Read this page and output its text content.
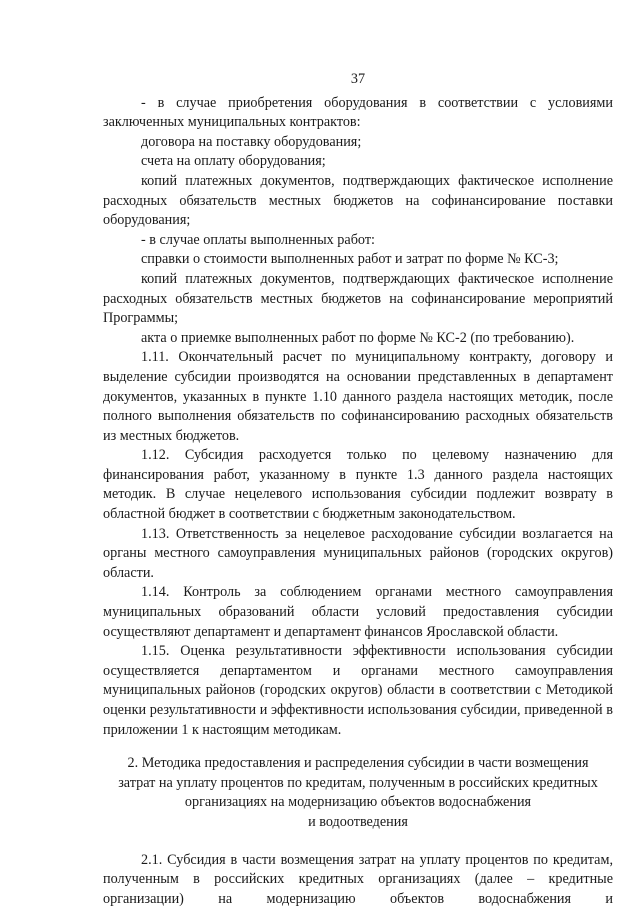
37

- в случае приобретения оборудования в соответствии с условиями заключенных муниципальных контрактов:

договора на поставку оборудования;

счета на оплату оборудования;

копий платежных документов, подтверждающих фактическое исполнение расходных обязательств местных бюджетов на софинансирование поставки оборудования;

- в случае оплаты выполненных работ:

справки о стоимости выполненных работ и затрат по форме № КС-3;

копий платежных документов, подтверждающих фактическое исполнение расходных обязательств местных бюджетов на софинансирование мероприятий Программы;

акта о приемке выполненных работ по форме № КС-2 (по требованию).

1.11. Окончательный расчет по муниципальному контракту, договору и выделение субсидии производятся на основании представленных в департамент документов, указанных в пункте 1.10 данного раздела настоящих методик, после полного выполнения обязательств по софинансированию расходных обязательств из местных бюджетов.

1.12. Субсидия расходуется только по целевому назначению для финансирования работ, указанному в пункте 1.3 данного раздела настоящих методик. В случае нецелевого использования субсидии подлежит возврату в областной бюджет в соответствии с бюджетным законодательством.

1.13. Ответственность за нецелевое расходование субсидии возлагается на органы местного самоуправления муниципальных районов (городских округов) области.

1.14. Контроль за соблюдением органами местного самоуправления муниципальных образований области условий предоставления субсидии осуществляют департамент и департамент финансов Ярославской области.

1.15. Оценка результативности эффективности использования субсидии осуществляется департаментом и органами местного самоуправления муниципальных районов (городских округов) области в соответствии с Методикой оценки результативности и эффективности использования субсидии, приведенной в приложении 1 к настоящим методикам.

2. Методика предоставления и распределения субсидии в части возмещения

затрат на уплату процентов по кредитам, полученным в российских кредитных

организациях на модернизацию объектов водоснабжения

и водоотведения

2.1. Субсидия в части возмещения затрат на уплату процентов по кредитам, полученным в российских кредитных организациях (далее – кредитные организации) на модернизацию объектов водоснабжения и
